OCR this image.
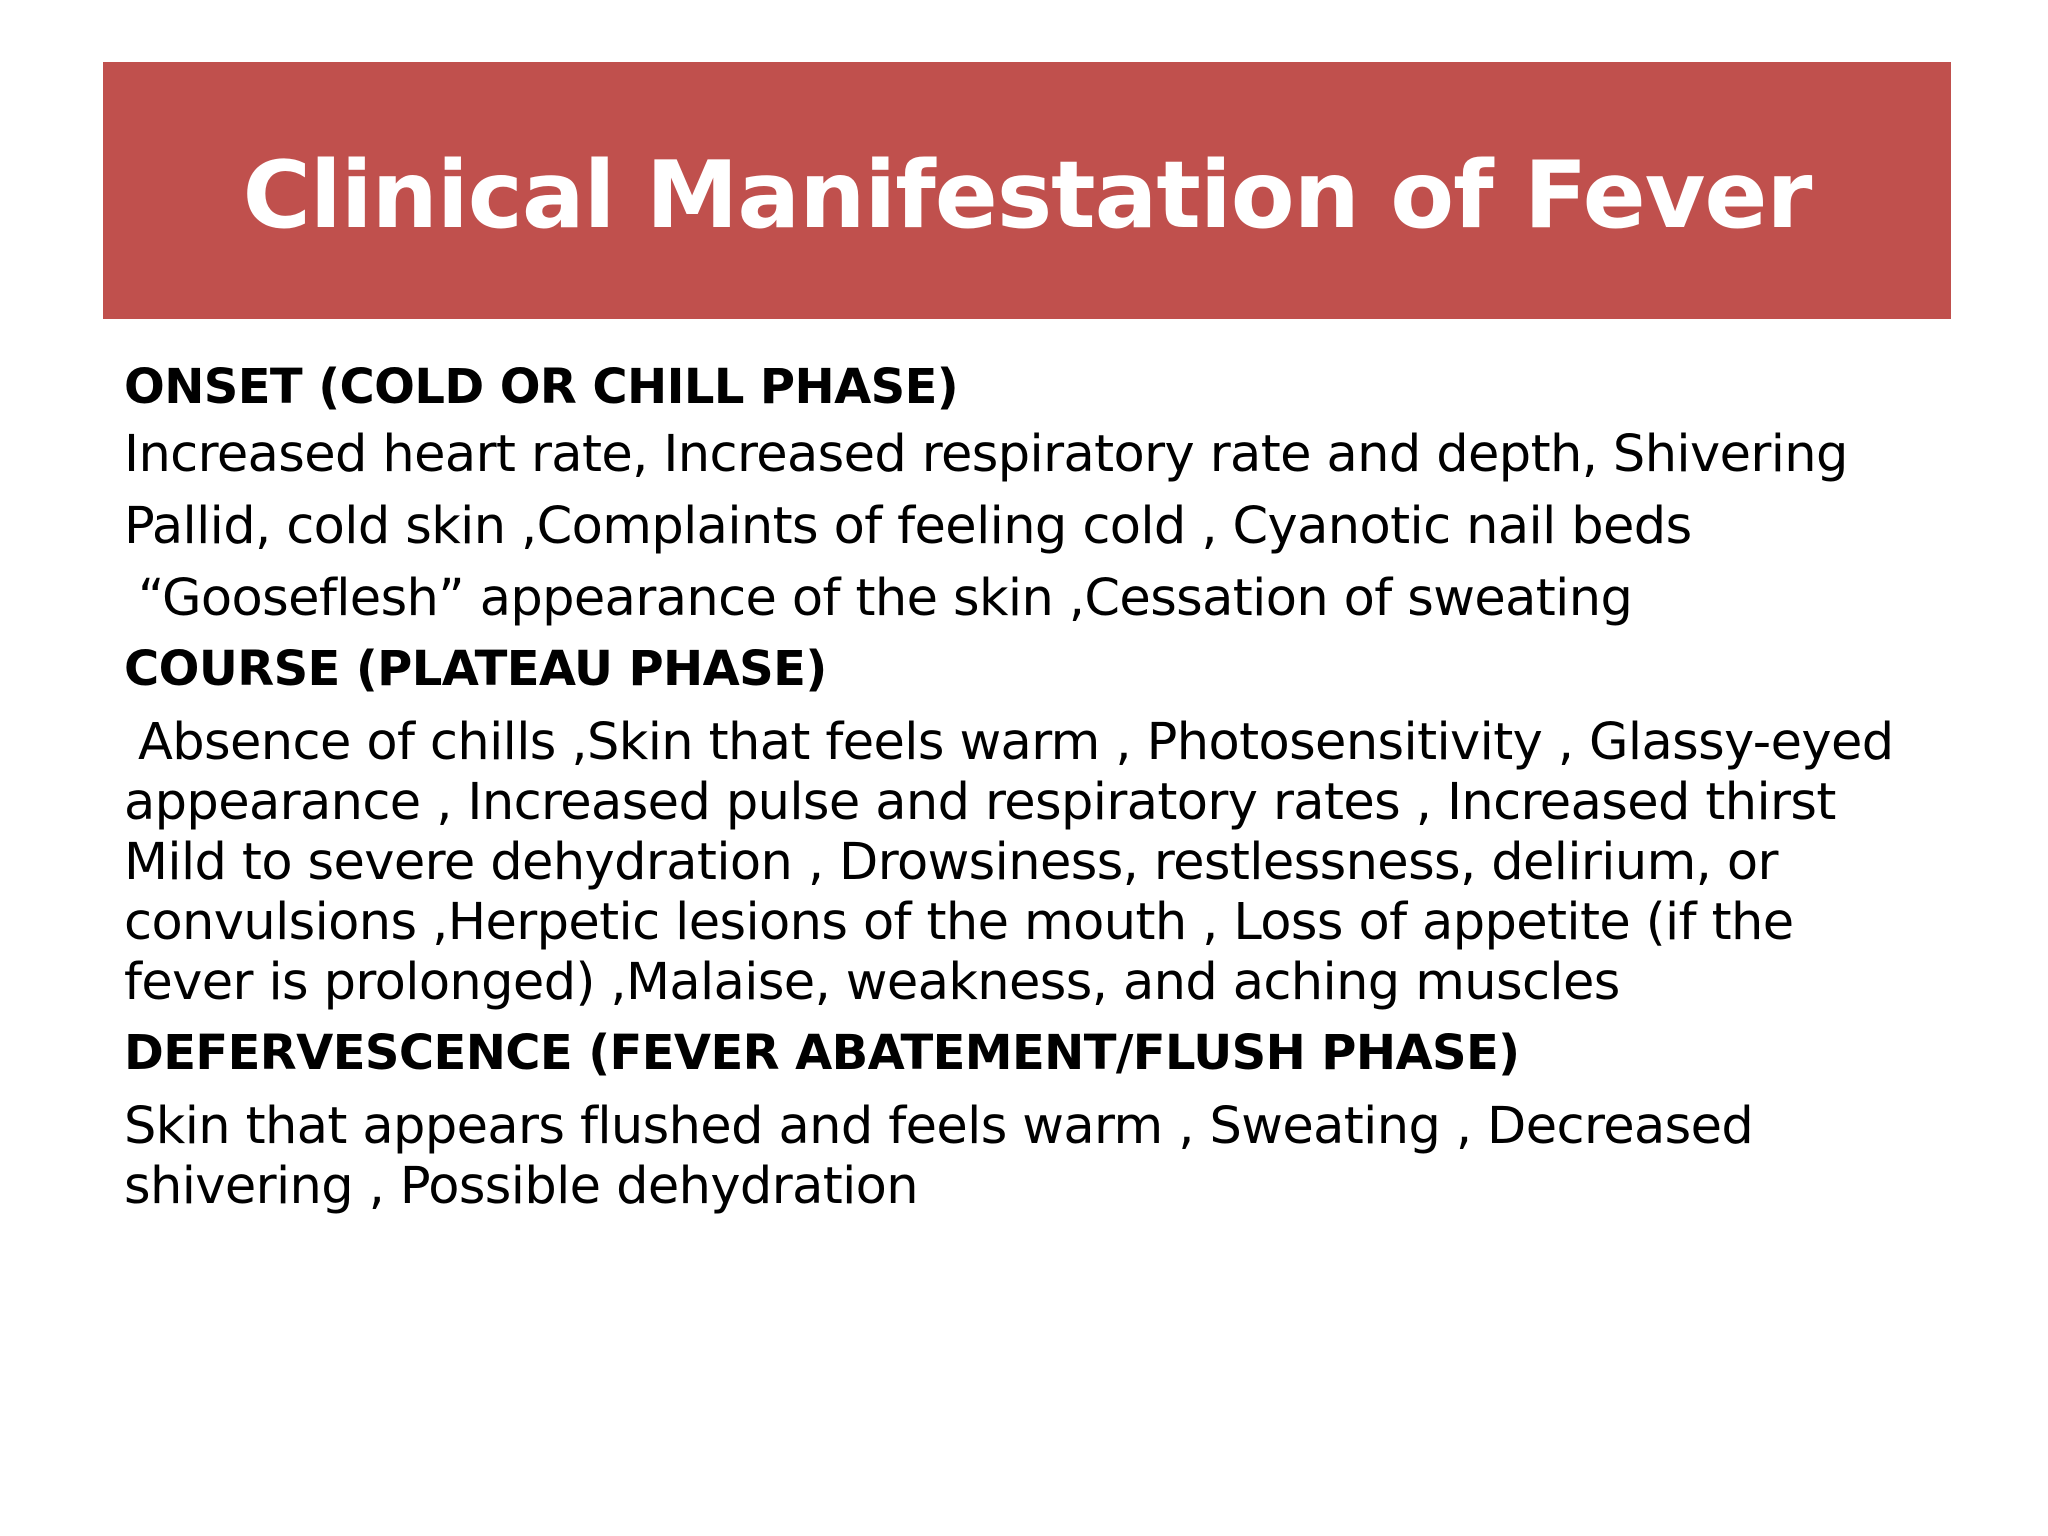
Clinical Manifestation of Fever

ONSET (COLD OR CHILL PHASE)

Increased heart rate, Increased respiratory rate and depth, Shivering

Pallid, cold skin ,Complaints of feeling cold , Cyanotic nail beds

“Gooseflesh” appearance of the skin ,Cessation of sweating

COURSE (PLATEAU PHASE)

Absence of chills ,Skin that feels warm , Photosensitivity , Glassy-eyed
appearance , Increased pulse and respiratory rates , Increased thirst
Mild to severe dehydration , Drowsiness, restlessness, delirium, or
convulsions ,Herpetic lesions of the mouth , Loss of appetite (if the
fever is prolonged) ,Malaise, weakness, and aching muscles

DEFERVESCENCE (FEVER ABATEMENT/FLUSH PHASE)

Skin that appears flushed and feels warm , Sweating , Decreased
shivering , Possible dehydration
